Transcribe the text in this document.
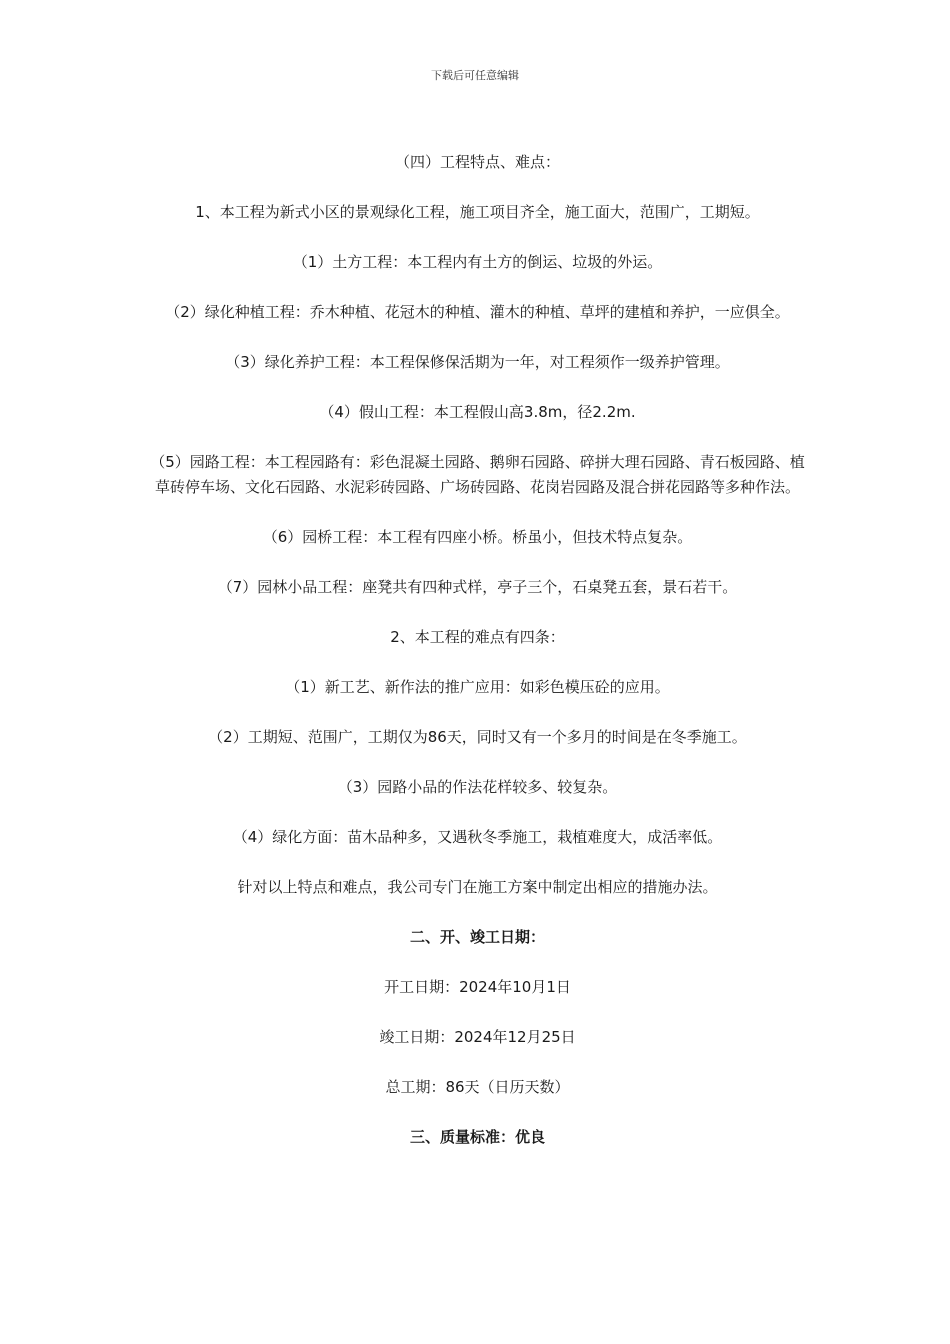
下载后可任意编辑

（四）工程特点、难点：

1、本工程为新式小区的景观绿化工程，施工项目齐全，施工面大，范围广，工期短。

（1）土方工程：本工程内有土方的倒运、垃圾的外运。

（2）绿化种植工程：乔木种植、花冠木的种植、灌木的种植、草坪的建植和养护，一应俱全。

（3）绿化养护工程：本工程保修保活期为一年，对工程须作一级养护管理。

（4）假山工程：本工程假山高3.8m，径2.2m.

（5）园路工程：本工程园路有：彩色混凝土园路、鹅卵石园路、碎拼大理石园路、青石板园路、植草砖停车场、文化石园路、水泥彩砖园路、广场砖园路、花岗岩园路及混合拼花园路等多种作法。

（6）园桥工程：本工程有四座小桥。桥虽小，但技术特点复杂。

（7）园林小品工程：座凳共有四种式样，亭子三个，石桌凳五套，景石若干。

2、本工程的难点有四条：

（1）新工艺、新作法的推广应用：如彩色模压砼的应用。

（2）工期短、范围广，工期仅为86天，同时又有一个多月的时间是在冬季施工。

（3）园路小品的作法花样较多、较复杂。

（4）绿化方面：苗木品种多，又遇秋冬季施工，栽植难度大，成活率低。

针对以上特点和难点，我公司专门在施工方案中制定出相应的措施办法。

二、开、竣工日期：

开工日期：2024年10月1日

竣工日期：2024年12月25日

总工期：86天（日历天数）

三、质量标准：优良
